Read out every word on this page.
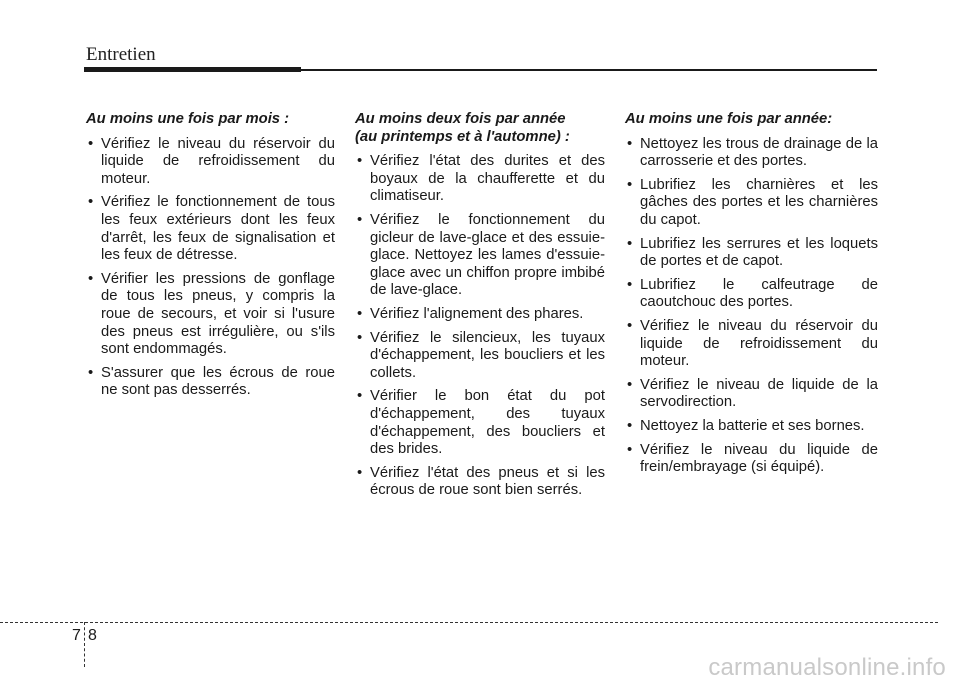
Entretien
Au moins une fois par mois :
• Vérifiez le niveau du réservoir du liquide de refroidissement du moteur.
• Vérifiez le fonctionnement de tous les feux extérieurs dont les feux d'arrêt, les feux de signalisation et les feux de détresse.
• Vérifier les pressions de gonflage de tous les pneus, y compris la roue de secours, et voir si l'usure des pneus est irrégulière, ou s'ils sont endommagés.
• S'assurer que les écrous de roue ne sont pas desserrés.
Au moins deux fois par année
(au printemps et à l'automne) :
• Vérifiez l'état des durites et des boyaux de la chaufferette et du climatiseur.
• Vérifiez le fonctionnement du gicleur de lave-glace et des essuie-glace. Nettoyez les lames d'essuie-glace avec un chiffon propre imbibé de lave-glace.
• Vérifiez l'alignement des phares.
• Vérifiez le silencieux, les tuyaux d'échappement, les boucliers et les collets.
• Vérifier le bon état du pot d'échappement, des tuyaux d'échappement, des boucliers et des brides.
• Vérifiez l'état des pneus et si les écrous de roue sont bien serrés.
Au moins une fois par année:
• Nettoyez les trous de drainage de la carrosserie et des portes.
• Lubrifiez les charnières et les gâches des portes et les charnières du capot.
• Lubrifiez les serrures et les loquets de portes et de capot.
• Lubrifiez le calfeutrage de caoutchouc des portes.
• Vérifiez le niveau du réservoir du liquide de refroidissement du moteur.
• Vérifiez le niveau de liquide de la servodirection.
• Nettoyez la batterie et ses bornes.
• Vérifiez le niveau du liquide de frein/embrayage (si équipé).
7 8
carmanualsonline.info
